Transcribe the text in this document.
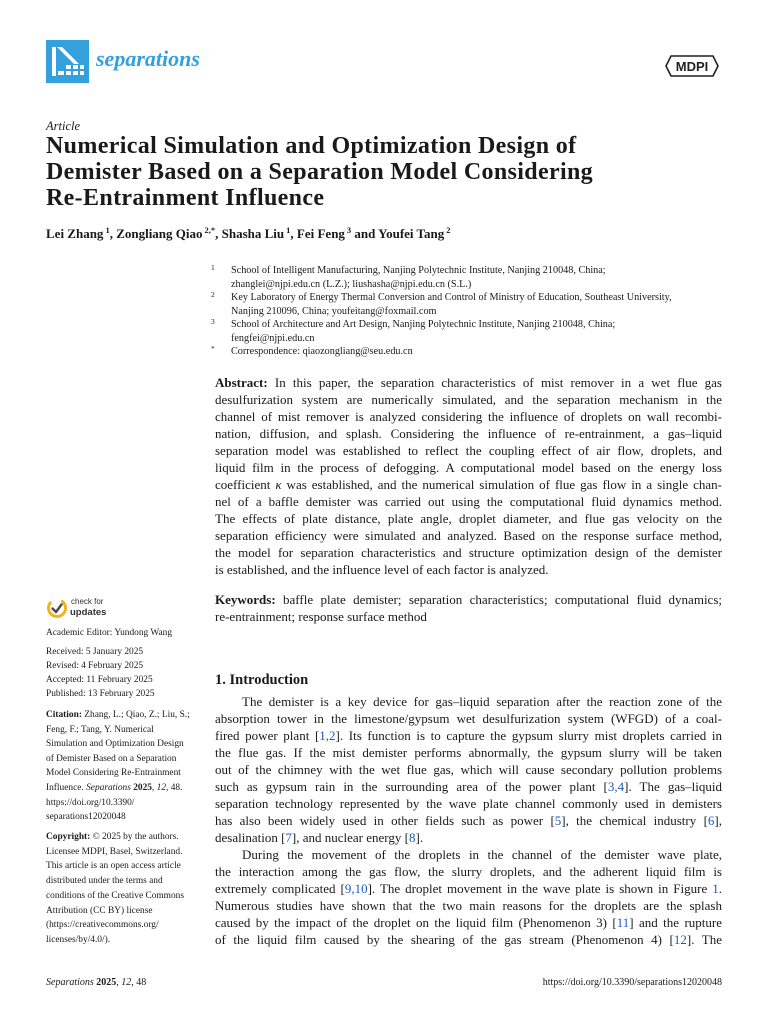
separations	MDPI
Article
Numerical Simulation and Optimization Design of
Demister Based on a Separation Model Considering
Re-Entrainment Influence
Lei Zhang $^1$, Zongliang Qiao $^{2,*}$, Shasha Liu $^1$, Fei Feng $^3$ and Youfei Tang $^2$
1 School of Intelligent Manufacturing, Nanjing Polytechnic Institute, Nanjing 210048, China;
zhanglei@njpi.edu.cn (L.Z.); liushasha@njpi.edu.cn (S.L.)
2 Key Laboratory of Energy Thermal Conversion and Control of Ministry of Education, Southeast University,
Nanjing 210096, China; youfeitang@foxmail.com
3 School of Architecture and Art Design, Nanjing Polytechnic Institute, Nanjing 210048, China;
fengfei@njpi.edu.cn
* Correspondence: qiaozongliang@seu.edu.cn
Abstract: In this paper, the separation characteristics of mist remover in a wet flue gas
desulfurization system are numerically simulated, and the separation mechanism in the
channel of mist remover is analyzed considering the influence of droplets on wall recombi-
nation, diffusion, and splash. Considering the influence of re-entrainment, a gas–liquid
separation model was established to reflect the coupling effect of air flow, droplets, and
liquid film in the process of defogging. A computational model based on the energy loss
coefficient κ was established, and the numerical simulation of flue gas flow in a single chan-
nel of a baffle demister was carried out using the computational fluid dynamics method.
The effects of plate distance, plate angle, droplet diameter, and flue gas velocity on the
separation efficiency were simulated and analyzed. Based on the response surface method,
the model for separation characteristics and structure optimization design of the demister
is established, and the influence level of each factor is analyzed.
Keywords: baffle plate demister; separation characteristics; computational fluid dynamics;
re-entrainment; response surface method
1. Introduction
The demister is a key device for gas–liquid separation after the reaction zone of the
absorption tower in the limestone/gypsum wet desulfurization system (WFGD) of a coal-
fired power plant [1,2]. Its function is to capture the gypsum slurry mist droplets carried in
the flue gas. If the mist demister performs abnormally, the gypsum slurry will be taken
out of the chimney with the wet flue gas, which will cause secondary pollution problems
such as gypsum rain in the surrounding area of the power plant [3,4]. The gas–liquid
separation technology represented by the wave plate channel commonly used in demisters
has also been widely used in other fields such as power [5], the chemical industry [6],
desalination [7], and nuclear energy [8].
During the movement of the droplets in the channel of the demister wave plate,
the interaction among the gas flow, the slurry droplets, and the adherent liquid film is
extremely complicated [9,10]. The droplet movement in the wave plate is shown in Figure 1.
Numerous studies have shown that the two main reasons for the droplets are the splash
caused by the impact of the droplet on the liquid film (Phenomenon 3) [11] and the rupture
of the liquid film caused by the shearing of the gas stream (Phenomenon 4) [12]. The
check for
updates
Academic Editor: Yundong Wang
Received: 5 January 2025
Revised: 4 February 2025
Accepted: 11 February 2025
Published: 13 February 2025
Citation: Zhang, L.; Qiao, Z.; Liu, S.;
Feng, F.; Tang, Y. Numerical
Simulation and Optimization Design
of Demister Based on a Separation
Model Considering Re-Entrainment
Influence. Separations 2025, 12, 48.
https://doi.org/10.3390/
separations12020048
Copyright: © 2025 by the authors.
Licensee MDPI, Basel, Switzerland.
This article is an open access article
distributed under the terms and
conditions of the Creative Commons
Attribution (CC BY) license
(https://creativecommons.org/
licenses/by/4.0/).
Separations 2025, 12, 48	https://doi.org/10.3390/separations12020048
